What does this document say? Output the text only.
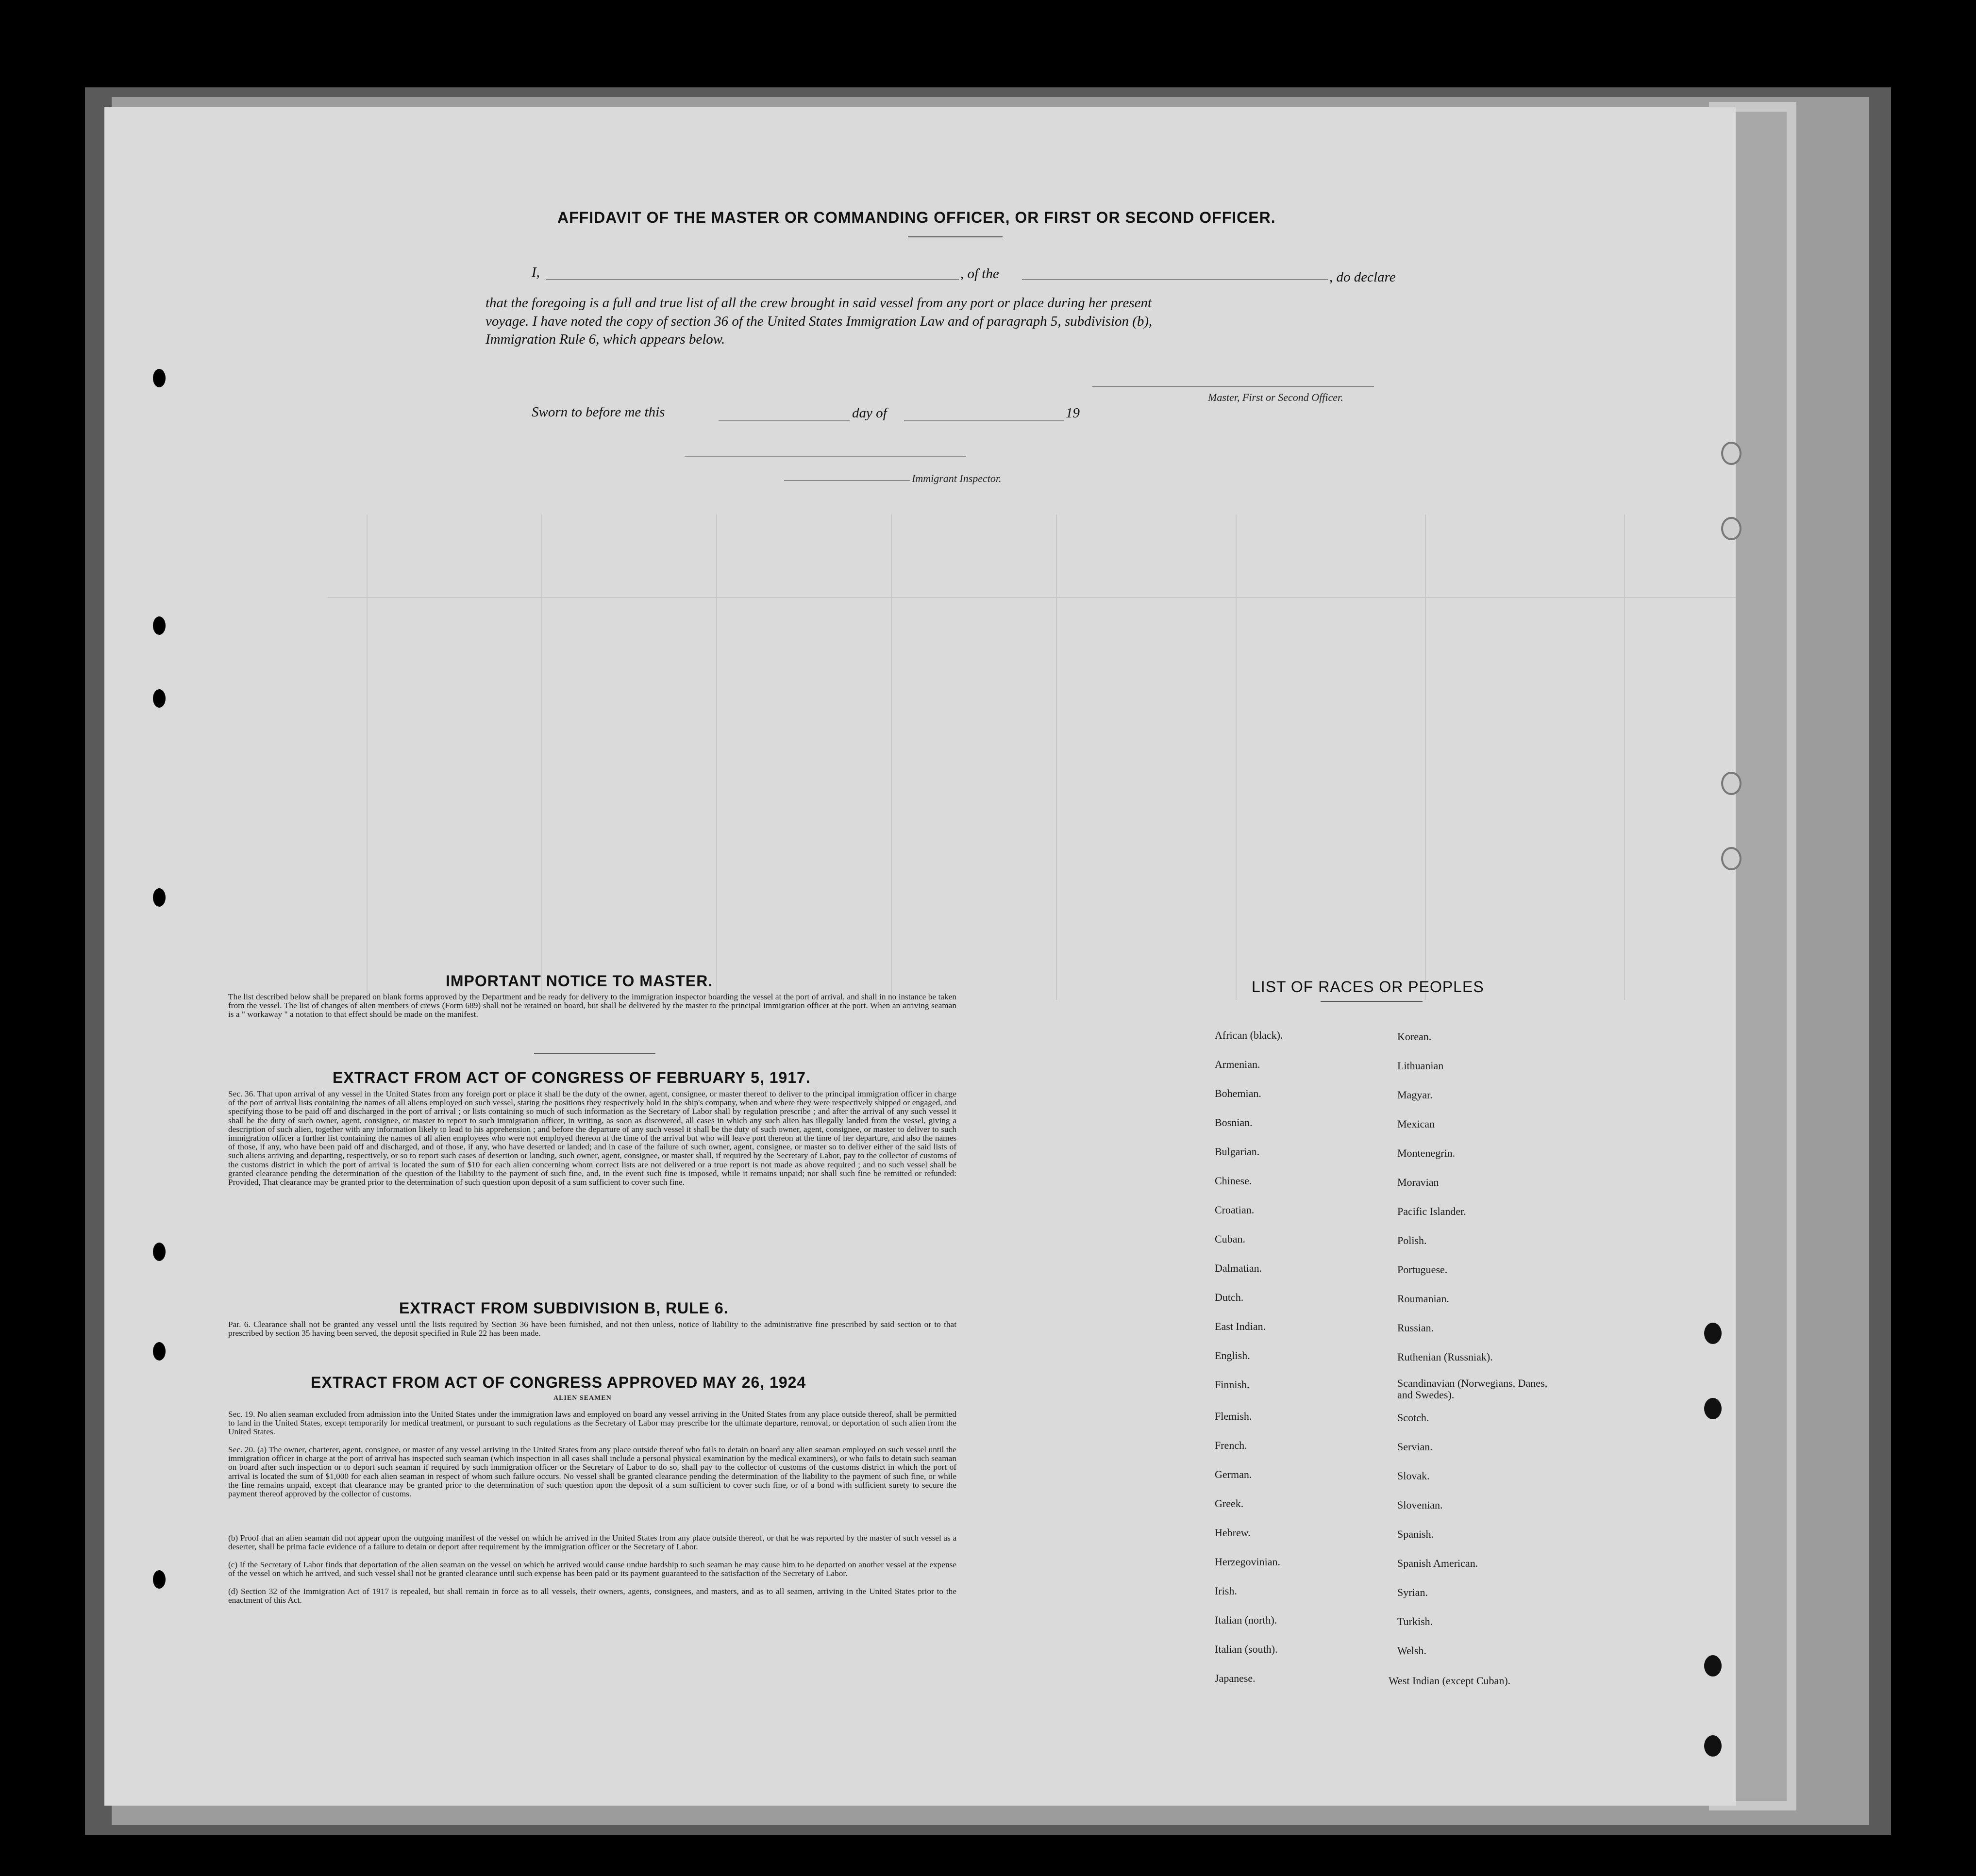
AFFIDAVIT OF THE MASTER OR COMMANDING OFFICER, OR FIRST OR SECOND OFFICER.
I,	, of the	, do declare
that the foregoing is a full and true list of all the crew brought in said vessel from any port or place during her present
voyage. I have noted the copy of section 36 of the United States Immigration Law and of paragraph 5, subdivision (b),
Immigration Rule 6, which appears below.
Master, First or Second Officer.
Sworn to before me this	day of	19
Immigrant Inspector.
IMPORTANT NOTICE TO MASTER.
The list described below shall be prepared on blank forms approved by the Department and be ready for delivery to the immigration inspector boarding the vessel at the port of arrival, and shall in no instance be taken from the vessel. The list of changes of alien members of crews (Form 689) shall not be retained on board, but shall be delivered by the master to the principal immigration officer at the port. When an arriving seaman is a " workaway " a notation to that effect should be made on the manifest.
EXTRACT FROM ACT OF CONGRESS OF FEBRUARY 5, 1917.
Sec. 36. That upon arrival of any vessel in the United States from any foreign port or place it shall be the duty of the owner, agent, consignee, or master thereof to deliver to the principal immigration officer in charge of the port of arrival lists containing the names of all aliens employed on such vessel, stating the positions they respectively hold in the ship's company, when and where they were respectively shipped or engaged, and specifying those to be paid off and discharged in the port of arrival ; or lists containing so much of such information as the Secretary of Labor shall by regulation prescribe ; and after the arrival of any such vessel it shall be the duty of such owner, agent, consignee, or master to report to such immigration officer, in writing, as soon as discovered, all cases in which any such alien has illegally landed from the vessel, giving a description of such alien, together with any information likely to lead to his apprehension ; and before the departure of any such vessel it shall be the duty of such owner, agent, consignee, or master to deliver to such immigration officer a further list containing the names of all alien employees who were not employed thereon at the time of the arrival but who will leave port thereon at the time of her departure, and also the names of those, if any, who have been paid off and discharged, and of those, if any, who have deserted or landed; and in case of the failure of such owner, agent, consignee, or master so to deliver either of the said lists of such aliens arriving and departing, respectively, or so to report such cases of desertion or landing, such owner, agent, consignee, or master shall, if required by the Secretary of Labor, pay to the collector of customs of the customs district in which the port of arrival is located the sum of $10 for each alien concerning whom correct lists are not delivered or a true report is not made as above required ; and no such vessel shall be granted clearance pending the determination of the question of the liability to the payment of such fine, and, in the event such fine is imposed, while it remains unpaid; nor shall such fine be remitted or refunded: Provided, That clearance may be granted prior to the determination of such question upon deposit of a sum sufficient to cover such fine.
EXTRACT FROM SUBDIVISION B, RULE 6.
Par. 6. Clearance shall not be granted any vessel until the lists required by Section 36 have been furnished, and not then unless, notice of liability to the administrative fine prescribed by said section or to that prescribed by section 35 having been served, the deposit specified in Rule 22 has been made.
EXTRACT FROM ACT OF CONGRESS APPROVED MAY 26, 1924
ALIEN SEAMEN
Sec. 19. No alien seaman excluded from admission into the United States under the immigration laws and employed on board any vessel arriving in the United States from any place outside thereof, shall be permitted to land in the United States, except temporarily for medical treatment, or pursuant to such regulations as the Secretary of Labor may prescribe for the ultimate departure, removal, or deportation of such alien from the United States.
Sec. 20. (a) The owner, charterer, agent, consignee, or master of any vessel arriving in the United States from any place outside thereof who fails to detain on board any alien seaman employed on such vessel until the immigration officer in charge at the port of arrival has inspected such seaman (which inspection in all cases shall include a personal physical examination by the medical examiners), or who fails to detain such seaman on board after such inspection or to deport such seaman if required by such immigration officer or the Secretary of Labor to do so, shall pay to the collector of customs of the customs district in which the port of arrival is located the sum of $1,000 for each alien seaman in respect of whom such failure occurs. No vessel shall be granted clearance pending the determination of the liability to the payment of such fine, or while the fine remains unpaid, except that clearance may be granted prior to the determination of such question upon the deposit of a sum sufficient to cover such fine, or of a bond with sufficient surety to secure the payment thereof approved by the collector of customs.
(b) Proof that an alien seaman did not appear upon the outgoing manifest of the vessel on which he arrived in the United States from any place outside thereof, or that he was reported by the master of such vessel as a deserter, shall be prima facie evidence of a failure to detain or deport after requirement by the immigration officer or the Secretary of Labor.
(c) If the Secretary of Labor finds that deportation of the alien seaman on the vessel on which he arrived would cause undue hardship to such seaman he may cause him to be deported on another vessel at the expense of the vessel on which he arrived, and such vessel shall not be granted clearance until such expense has been paid or its payment guaranteed to the satisfaction of the Secretary of Labor.
(d) Section 32 of the Immigration Act of 1917 is repealed, but shall remain in force as to all vessels, their owners, agents, consignees, and masters, and as to all seamen, arriving in the United States prior to the enactment of this Act.
LIST OF RACES OR PEOPLES
African (black).
Armenian.
Bohemian.
Bosnian.
Bulgarian.
Chinese.
Croatian.
Cuban.
Dalmatian.
Dutch.
East Indian.
English.
Finnish.
Flemish.
French.
German.
Greek.
Hebrew.
Herzegovinian.
Irish.
Italian (north).
Italian (south).
Japanese.
Korean.
Lithuanian
Magyar.
Mexican
Montenegrin.
Moravian
Pacific Islander.
Polish.
Portuguese.
Roumanian.
Russian.
Ruthenian (Russniak).
Scandinavian (Norwegians, Danes, and Swedes).
Scotch.
Servian.
Slovak.
Slovenian.
Spanish.
Spanish American.
Syrian.
Turkish.
Welsh.
West Indian (except Cuban).
